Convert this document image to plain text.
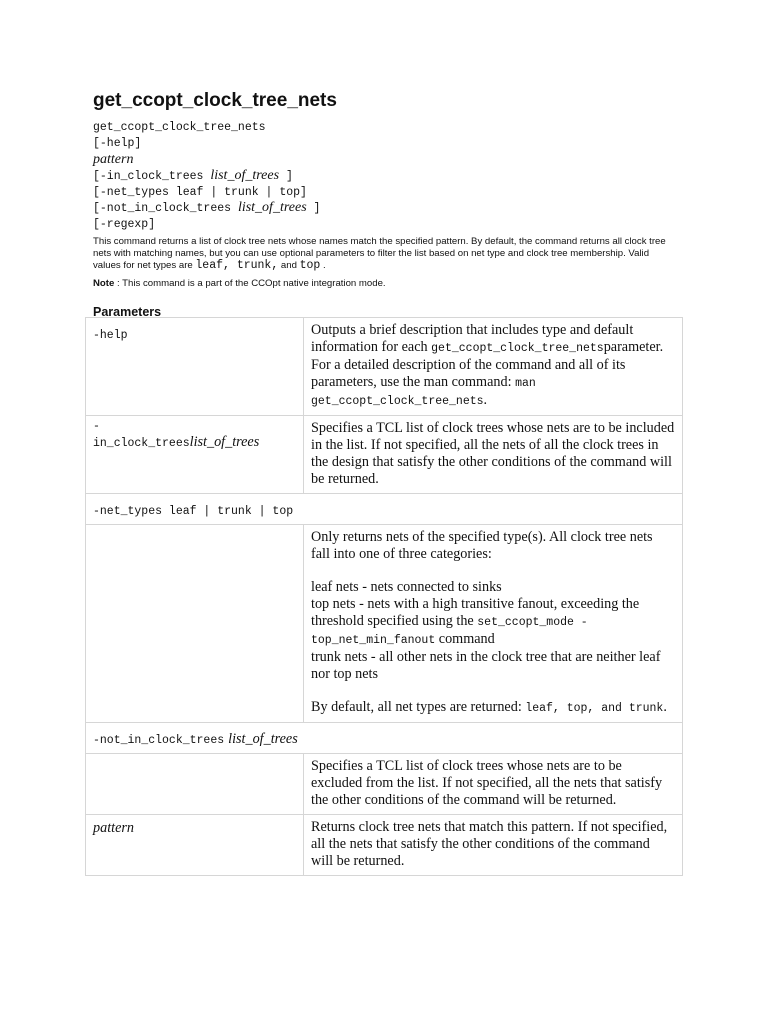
get_ccopt_clock_tree_nets
get_ccopt_clock_tree_nets
[-help]
pattern
[-in_clock_trees list_of_trees ]
[-net_types leaf | trunk | top]
[-not_in_clock_trees list_of_trees ]
[-regexp]
This command returns a list of clock tree nets whose names match the specified pattern. By default, the command returns all clock tree nets with matching names, but you can use optional parameters to filter the list based on net type and clock tree membership. Valid values for net types are leaf, trunk, and top .
Note : This command is a part of the CCOpt native integration mode.
Parameters
-help	Outputs a brief description that includes type and default information for each get_ccopt_clock_tree_netsparameter. For a detailed description of the command and all of its parameters, use the man command: man get_ccopt_clock_tree_nets.

-
in_clock_treeslist_of_trees	Specifies a TCL list of clock trees whose nets are to be included in the list. If not specified, all the nets of all the clock trees in the design that satisfy the other conditions of the command will be returned.
-net_types leaf | trunk | top	

	Only returns nets of the specified type(s). All clock tree nets fall into one of three categories:

leaf nets - nets connected to sinks
top nets - nets with a high transitive fanout, exceeding the threshold specified using the set_ccopt_mode -top_net_min_fanout command
trunk nets - all other nets in the clock tree that are neither leaf nor top nets

By default, all net types are returned: leaf, top, and trunk.

-not_in_clock_trees list_of_trees	
	Specifies a TCL list of clock trees whose nets are to be excluded from the list. If not specified, all the nets that satisfy the other conditions of the command will be returned.
pattern	Returns clock tree nets that match this pattern. If not specified, all the nets that satisfy the other conditions of the command will be returned.
